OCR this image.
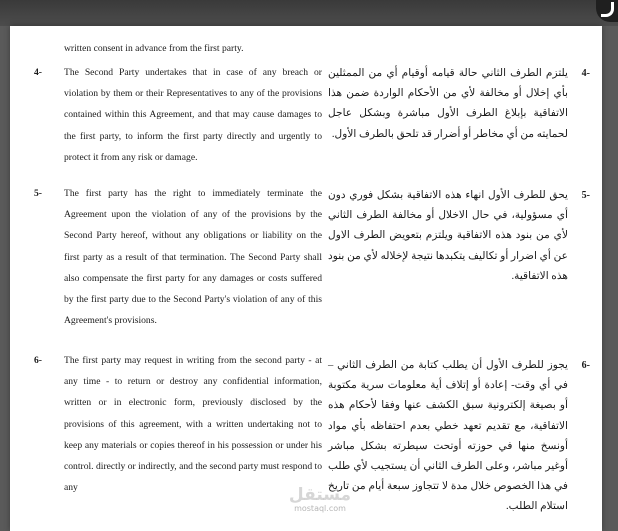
written consent in advance from the first party.
4- The Second Party undertakes that in case of any breach or violation by them or their Representatives to any of the provisions contained within this Agreement, and that may cause damages to the first party, to inform the first party directly and urgently to protect it from any risk or damage.
5- The first party has the right to immediately terminate the Agreement upon the violation of any of the provisions by the Second Party hereof, without any obligations or liability on the first party as a result of that termination. The Second Party shall also compensate the first party for any damages or costs suffered by the first party due to the Second Party's violation of any of this Agreement's provisions.
6- The first party may request in writing from the second party - at any time - to return or destroy any confidential information, written or in electronic form, previously disclosed by the provisions of this agreement, with a written undertaking not to keep any materials or copies thereof in his possession or under his control. directly or indirectly, and the second party must respond to any
-4
يلتزم الطرف الثاني حالة قيامه أوقيام أي من الممثلين بأي إخلال أو مخالفة لأي من الأحكام الواردة ضمن هذا الاتفاقية بإبلاغ الطرف الأول مباشرة وبشكل عاجل لحمايته من أي مخاطر أو أضرار قد تلحق بالطرف الأول.
-5
يحق للطرف الأول انهاء هذه الاتفاقية بشكل فوري دون أي مسؤولية، في حال الاخلال أو مخالفة الطرف الثاني لأي من بنود هذه الاتفاقية ويلتزم بتعويض الطرف الاول عن أي اضرار أو تكاليف يتكبدها نتيجة لإخلاله لأي من بنود هذه الاتفاقية.
-6
يجوز للطرف الأول أن يطلب كتابة من الطرف الثاني – في أي وقت- إعادة أو إتلاف أية معلومات سرية مكتوبة أو بصيغة إلكترونية سبق الكشف عنها وفقا لأحكام هذه الاتفاقية، مع تقديم تعهد خطي بعدم احتفاظه بأي مواد أونسخ منها في حوزته أوتحت سيطرته بشكل مباشر أوغير مباشر، وعلى الطرف الثاني أن يستجيب لأي طلب في هذا الخصوص خلال مدة لا تتجاوز سبعة أيام من تاريخ استلام الطلب.
مستقل
mostaql.com
